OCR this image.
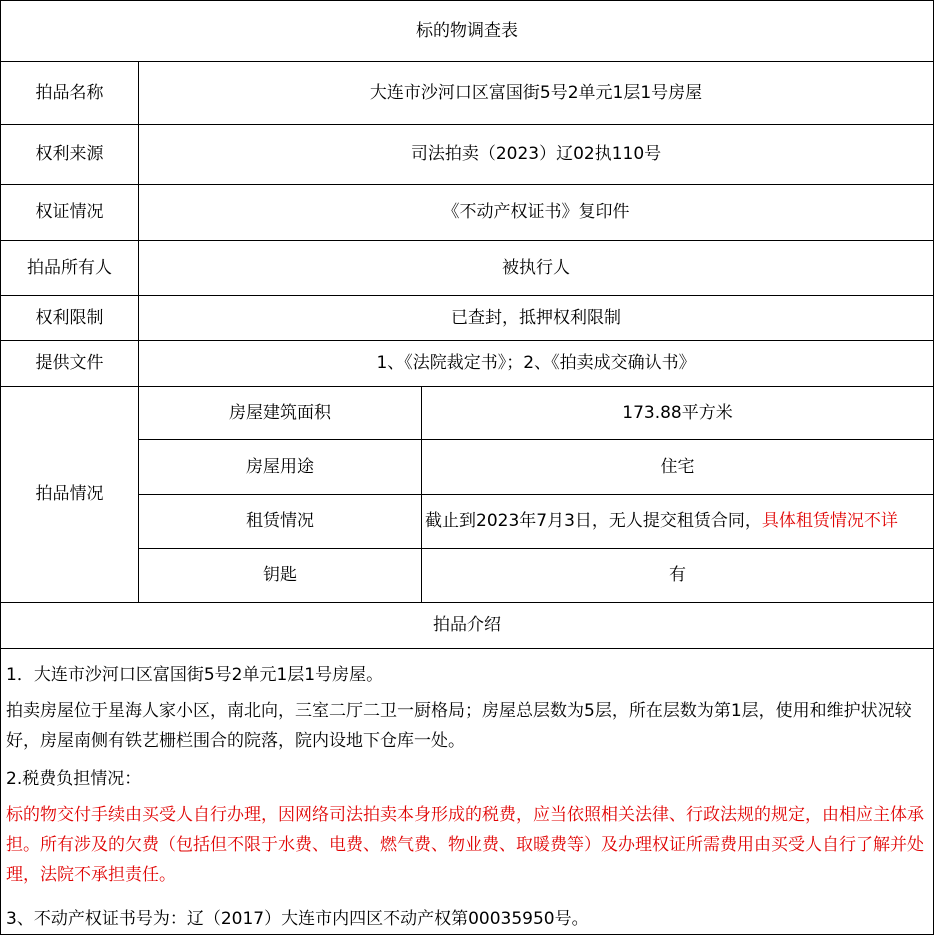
标的物调查表		
拍品名称	大连市沙河口区富国街5号2单元1层1号房屋	
权利来源	司法拍卖（2023）辽02执110号	
权证情况	《不动产权证书》复印件	
拍品所有人	被执行人	
权利限制	已查封，抵押权利限制	
提供文件	1、《法院裁定书》；2、《拍卖成交确认书》	
拍品情况	房屋建筑面积	173.88平方米
	房屋用途	住宅
	租赁情况	截止到2023年7月3日，无人提交租赁合同，具体租赁情况不详
	钥匙	有
拍品介绍		

1．大连市沙河口区富国街5号2单元1层1号房屋。

拍卖房屋位于星海人家小区，南北向，三室二厅二卫一厨格局；房屋总层数为5层，所在层数为第1层，使用和维护状况较好，房屋南侧有铁艺栅栏围合的院落，院内设地下仓库一处。

2.税费负担情况：

标的物交付手续由买受人自行办理，因网络司法拍卖本身形成的税费，应当依照相关法律、行政法规的规定，由相应主体承担。所有涉及的欠费（包括但不限于水费、电费、燃气费、物业费、取暖费等）及办理权证所需费用由买受人自行了解并处理，法院不承担责任。

3、不动产权证书号为：辽（2017）大连市内四区不动产权第00035950号。		
